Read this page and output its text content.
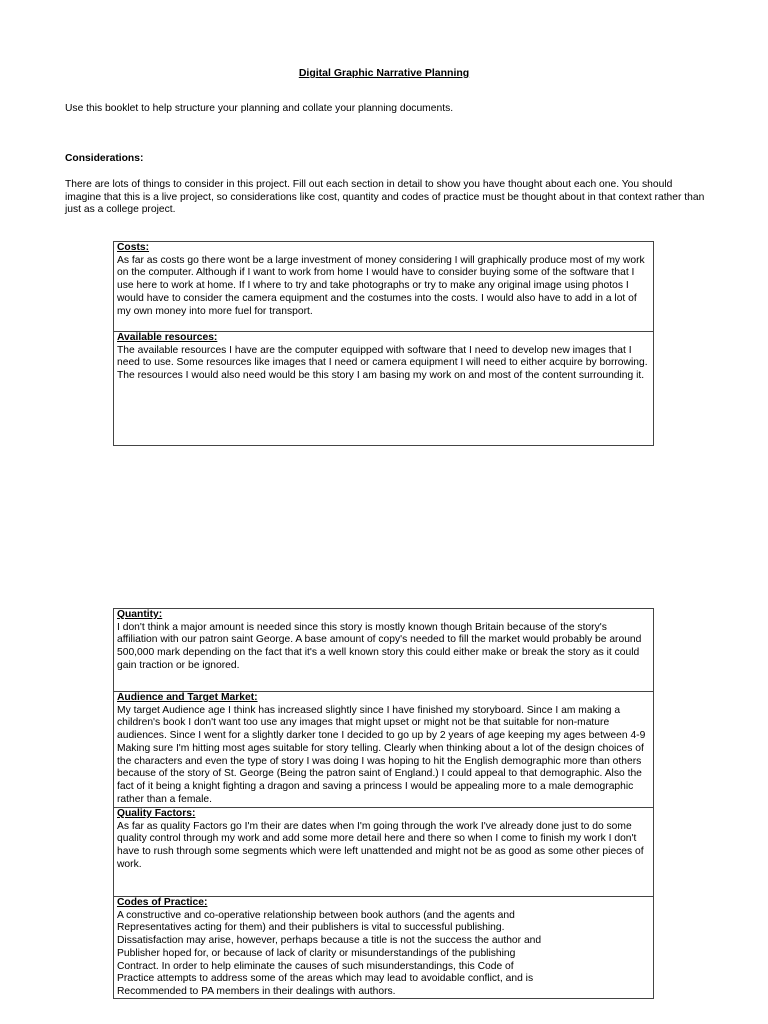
Digital Graphic Narrative Planning
Use this booklet to help structure your planning and collate your planning documents.
Considerations:
There are lots of things to consider in this project. Fill out each section in detail to show you have thought about each one. You should imagine that this is a live project, so considerations like cost, quantity and codes of practice must be thought about in that context rather than just as a college project.
Costs:
As far as costs go there wont be a large investment of money considering I will graphically produce most of my work on the computer. Although if I want to work from home I would have to consider buying some of the software that I use here to work at home. If I where to try and take photographs or try to make any original image using photos I would have to consider the camera equipment and the costumes into the costs. I would also have to add in a lot of my own money into more fuel for transport.
Available resources:
The available resources I have are the computer equipped with software that I need to develop new images that I need to use. Some resources like images that I need or camera equipment I will need to either acquire by borrowing. The resources I would also need would be this story I am basing my work on and most of the content surrounding it.
Quantity:
I don't think a major amount is needed since this story is mostly known though Britain because of the story's affiliation with our patron saint George. A base amount of copy's needed to fill the market would probably be around 500,000 mark depending on the fact that it's a well known story this could either make or break the story as it could gain traction or be ignored.
Audience and Target Market:
My target Audience age I think has increased slightly since I have finished my storyboard. Since I am making a children's book I don't want too use any images that might upset or might not be that suitable for non-mature audiences. Since I went for a slightly darker tone I decided to go up by 2 years of age keeping my ages between 4-9 Making sure I'm hitting most ages suitable for story telling. Clearly when thinking about a lot of the design choices of the characters and even the type of story I was doing I was hoping to hit the English demographic more than others because of the story of St. George (Being the patron saint of England.) I could appeal to that demographic. Also the fact of it being a knight fighting a dragon and saving a princess I would be appealing more to a male demographic rather than a female.
Quality Factors:
As far as quality Factors go I'm their are dates when I'm going through the work I've already done just to do some quality control through my work and add some more detail here and there so when I come to finish my work I don't have to rush through some segments which were left unattended and might not be as good as some other pieces of work.
Codes of Practice:
A constructive and co-operative relationship between book authors (and the agents and
Representatives acting for them) and their publishers is vital to successful publishing.
Dissatisfaction may arise, however, perhaps because a title is not the success the author and
Publisher hoped for, or because of lack of clarity or misunderstandings of the publishing
Contract. In order to help eliminate the causes of such misunderstandings, this Code of
Practice attempts to address some of the areas which may lead to avoidable conflict, and is
Recommended to PA members in their dealings with authors.
